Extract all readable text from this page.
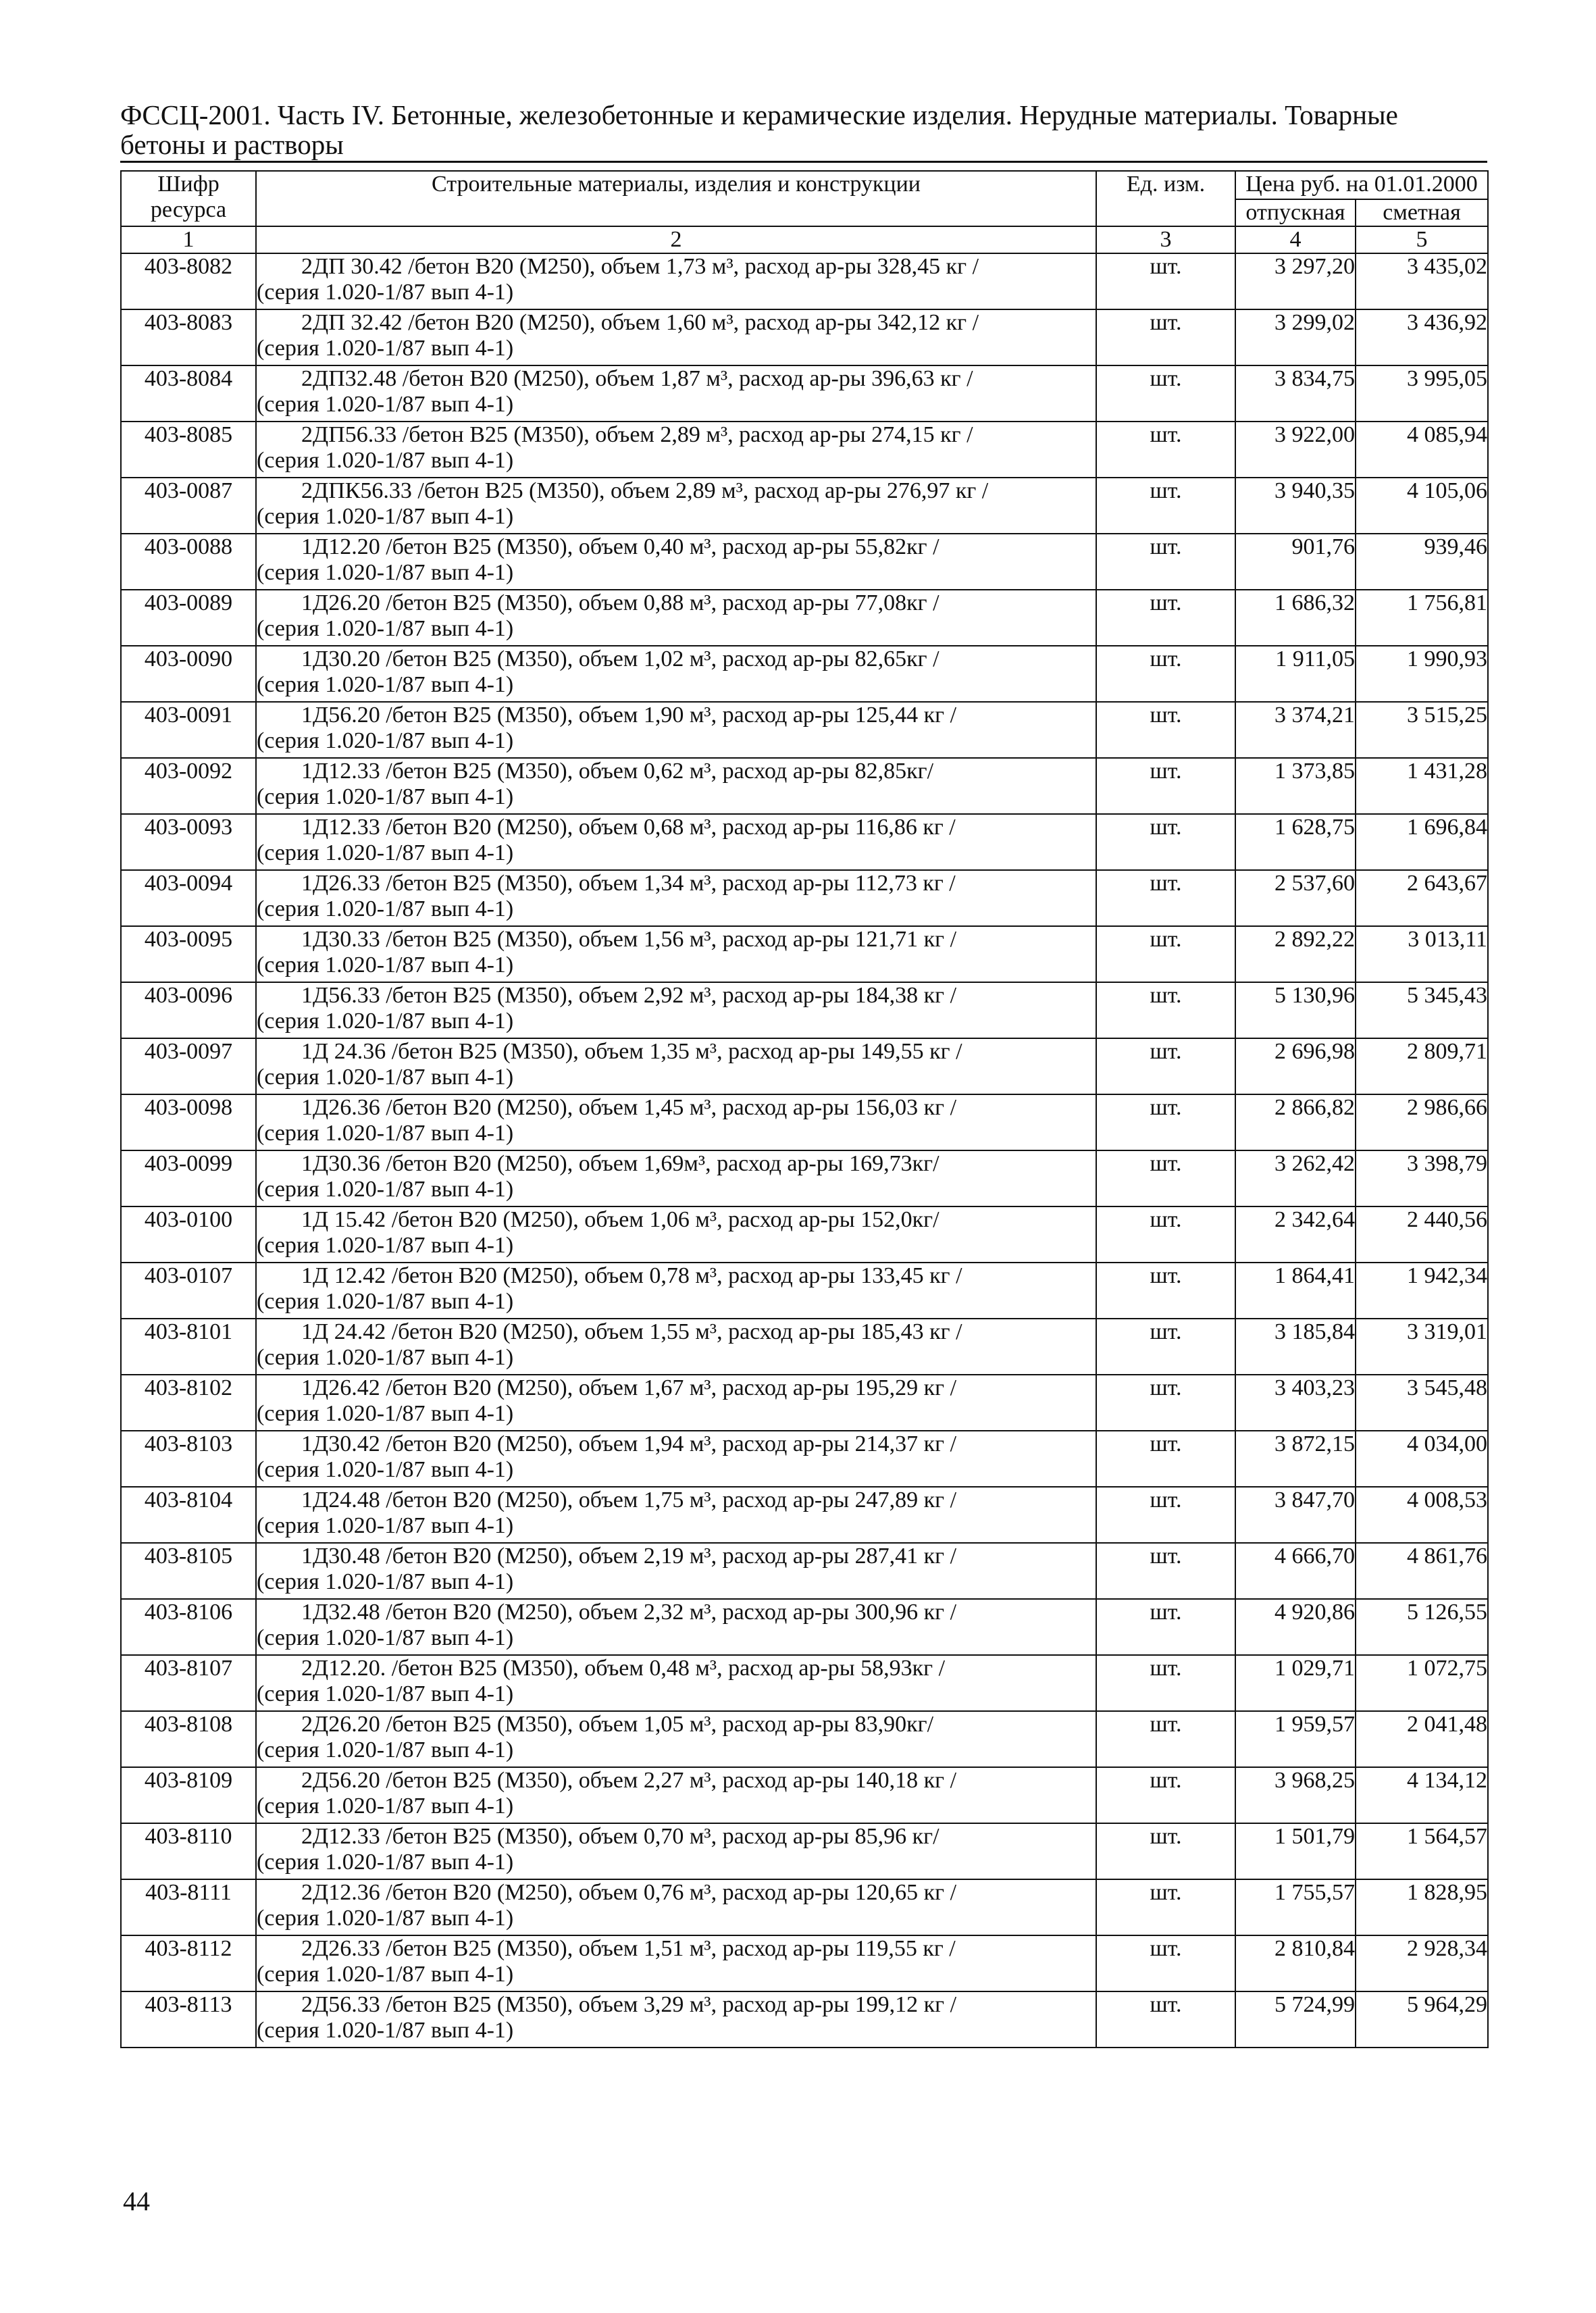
ФССЦ-2001. Часть IV. Бетонные, железобетонные и керамические изделия. Нерудные материалы. Товарные бетоны и растворы
Шифр ресурса	Строительные материалы, изделия и конструкции	Ед. изм.	Цена руб. на 01.01.2000	
			отпускная	сметная
1	2	3	4	5
403-8082	2ДП 30.42 /бетон В20 (М250), объем 1,73 м³, расход ар-ры 328,45 кг /
(серия 1.020-1/87 вып 4-1)	шт.	3 297,20	3 435,02
403-8083	2ДП 32.42 /бетон В20 (М250), объем 1,60 м³, расход ар-ры 342,12 кг /
(серия 1.020-1/87 вып 4-1)	шт.	3 299,02	3 436,92
403-8084	2ДП32.48 /бетон В20 (М250), объем 1,87 м³, расход ар-ры 396,63 кг /
(серия 1.020-1/87 вып 4-1)	шт.	3 834,75	3 995,05
403-8085	2ДП56.33 /бетон В25 (М350), объем 2,89 м³, расход ар-ры 274,15 кг /
(серия 1.020-1/87 вып 4-1)	шт.	3 922,00	4 085,94
403-0087	2ДПК56.33 /бетон В25 (М350), объем 2,89 м³, расход ар-ры 276,97 кг /
(серия 1.020-1/87 вып 4-1)	шт.	3 940,35	4 105,06
403-0088	1Д12.20 /бетон В25 (М350), объем 0,40 м³, расход ар-ры 55,82кг /
(серия 1.020-1/87 вып 4-1)	шт.	901,76	939,46
403-0089	1Д26.20 /бетон В25 (М350), объем 0,88 м³, расход ар-ры 77,08кг /
(серия 1.020-1/87 вып 4-1)	шт.	1 686,32	1 756,81
403-0090	1Д30.20 /бетон В25 (М350), объем 1,02 м³, расход ар-ры 82,65кг /
(серия 1.020-1/87 вып 4-1)	шт.	1 911,05	1 990,93
403-0091	1Д56.20 /бетон В25 (М350), объем 1,90 м³, расход ар-ры 125,44 кг /
(серия 1.020-1/87 вып 4-1)	шт.	3 374,21	3 515,25
403-0092	1Д12.33 /бетон В25 (М350), объем 0,62 м³, расход ар-ры 82,85кг/
(серия 1.020-1/87 вып 4-1)	шт.	1 373,85	1 431,28
403-0093	1Д12.33 /бетон В20 (М250), объем 0,68 м³, расход ар-ры 116,86 кг /
(серия 1.020-1/87 вып 4-1)	шт.	1 628,75	1 696,84
403-0094	1Д26.33 /бетон В25 (М350), объем 1,34 м³, расход ар-ры 112,73 кг /
(серия 1.020-1/87 вып 4-1)	шт.	2 537,60	2 643,67
403-0095	1Д30.33 /бетон В25 (М350), объем 1,56 м³, расход ар-ры 121,71 кг /
(серия 1.020-1/87 вып 4-1)	шт.	2 892,22	3 013,11
403-0096	1Д56.33 /бетон В25 (М350), объем 2,92 м³, расход ар-ры 184,38 кг /
(серия 1.020-1/87 вып 4-1)	шт.	5 130,96	5 345,43
403-0097	1Д 24.36 /бетон В25 (М350), объем 1,35 м³, расход ар-ры 149,55 кг /
(серия 1.020-1/87 вып 4-1)	шт.	2 696,98	2 809,71
403-0098	1Д26.36 /бетон В20 (М250), объем 1,45 м³, расход ар-ры 156,03 кг /
(серия 1.020-1/87 вып 4-1)	шт.	2 866,82	2 986,66
403-0099	1Д30.36 /бетон В20 (М250), объем 1,69м³, расход ар-ры 169,73кг/
(серия 1.020-1/87 вып 4-1)	шт.	3 262,42	3 398,79
403-0100	1Д 15.42 /бетон В20 (М250), объем 1,06 м³, расход ар-ры 152,0кг/
(серия 1.020-1/87 вып 4-1)	шт.	2 342,64	2 440,56
403-0107	1Д 12.42 /бетон В20 (М250), объем 0,78 м³, расход ар-ры 133,45 кг /
(серия 1.020-1/87 вып 4-1)	шт.	1 864,41	1 942,34
403-8101	1Д 24.42 /бетон В20 (М250), объем 1,55 м³, расход ар-ры 185,43 кг /
(серия 1.020-1/87 вып 4-1)	шт.	3 185,84	3 319,01
403-8102	1Д26.42 /бетон В20 (М250), объем 1,67 м³, расход ар-ры 195,29 кг /
(серия 1.020-1/87 вып 4-1)	шт.	3 403,23	3 545,48
403-8103	1Д30.42 /бетон В20 (М250), объем 1,94 м³, расход ар-ры 214,37 кг /
(серия 1.020-1/87 вып 4-1)	шт.	3 872,15	4 034,00
403-8104	1Д24.48 /бетон В20 (М250), объем 1,75 м³, расход ар-ры 247,89 кг /
(серия 1.020-1/87 вып 4-1)	шт.	3 847,70	4 008,53
403-8105	1Д30.48 /бетон В20 (М250), объем 2,19 м³, расход ар-ры 287,41 кг /
(серия 1.020-1/87 вып 4-1)	шт.	4 666,70	4 861,76
403-8106	1Д32.48 /бетон В20 (М250), объем 2,32 м³, расход ар-ры 300,96 кг /
(серия 1.020-1/87 вып 4-1)	шт.	4 920,86	5 126,55
403-8107	2Д12.20. /бетон В25 (М350), объем 0,48 м³, расход ар-ры 58,93кг /
(серия 1.020-1/87 вып 4-1)	шт.	1 029,71	1 072,75
403-8108	2Д26.20 /бетон В25 (М350), объем 1,05 м³, расход ар-ры 83,90кг/
(серия 1.020-1/87 вып 4-1)	шт.	1 959,57	2 041,48
403-8109	2Д56.20 /бетон В25 (М350), объем 2,27 м³, расход ар-ры 140,18 кг /
(серия 1.020-1/87 вып 4-1)	шт.	3 968,25	4 134,12
403-8110	2Д12.33 /бетон В25 (М350), объем 0,70 м³, расход ар-ры 85,96 кг/
(серия 1.020-1/87 вып 4-1)	шт.	1 501,79	1 564,57
403-8111	2Д12.36 /бетон В20 (М250), объем 0,76 м³, расход ар-ры 120,65 кг /
(серия 1.020-1/87 вып 4-1)	шт.	1 755,57	1 828,95
403-8112	2Д26.33 /бетон В25 (М350), объем 1,51 м³, расход ар-ры 119,55 кг /
(серия 1.020-1/87 вып 4-1)	шт.	2 810,84	2 928,34
403-8113	2Д56.33 /бетон В25 (М350), объем 3,29 м³, расход ар-ры 199,12 кг /
(серия 1.020-1/87 вып 4-1)	шт.	5 724,99	5 964,29
44
